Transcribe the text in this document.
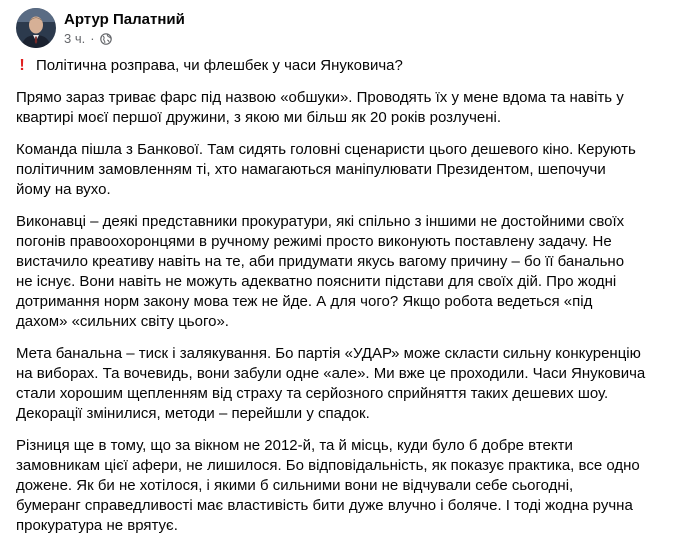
Артур Палатний
3 ч. ·

! Політична розправа, чи флешбек у часи Януковича?

Прямо зараз триває фарс під назвою «обшуки». Проводять їх у мене вдома та навіть у
квартирі моєї першої дружини, з якою ми більш як 20 років розлучені.

Команда пішла з Банкової. Там сидять головні сценаристи цього дешевого кіно. Керують
політичним замовленням ті, хто намагаються маніпулювати Президентом, шепочучи
йому на вухо.

Виконавці – деякі представники прокуратури, які спільно з іншими не достойними своїх
погонів правоохоронцями в ручному режимі просто виконують поставлену задачу. Не
вистачило креативу навіть на те, аби придумати якусь вагому причину – бо її банально
не існує. Вони навіть не можуть адекватно пояснити підстави для своїх дій. Про жодні
дотримання норм закону мова теж не йде. А для чого? Якщо робота ведеться «під
дахом» «сильних світу цього».

Мета банальна – тиск і залякування. Бо партія «УДАР» може скласти сильну конкуренцію
на виборах. Та вочевидь, вони забули одне «але». Ми вже це проходили. Часи Януковича
стали хорошим щепленням від страху та серйозного сприйняття таких дешевих шоу.
Декорації змінилися, методи – перейшли у спадок.

Різниця ще в тому, що за вікном не 2012-й, та й місць, куди було б добре втекти
замовникам цієї афери, не лишилося. Бо відповідальність, як показує практика, все одно
дожене. Як би не хотілося, і якими б сильними вони не відчували себе сьогодні,
бумеранг справедливості має властивість бити дуже влучно і боляче. І тоді жодна ручна
прокуратура не врятує.
